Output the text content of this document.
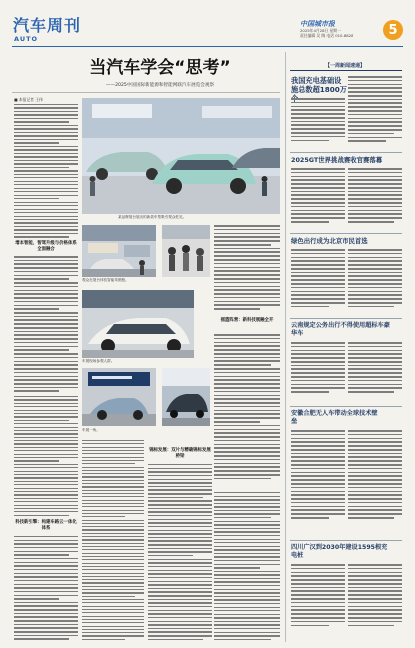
汽车周刊
AUTO
中国城市报
2025年4月28日 星期一
责任编辑 吴 陶 电话 010-8828	5
当汽车学会“思考”
——2025中国国际新能源和智能网联汽车展览会观察
■ 本报记者 王伟
增本智能，智驾升级与价格体系全面融合
科技新引擎：构建车路云一体化体系
某品牌展台展出的新款车型吸引观众驻足。
观众在展台体验智能驾驶舱。
车展现场参观人群。
车展一角。
摇篮阵营：新科技展融全开
锦标发展：双片与精确锦标发展桥梁
【一周新闻速递】
我国充电基础设施总数超1800万
2025GT世界挑战赛收官赛落幕
绿色出行成为北京市民首选
云南规定公务出行不得使用超标车豪华车
安徽合肥无人车带动全球技术壁垒
四川广汉到2030年建设1595根充电桩
